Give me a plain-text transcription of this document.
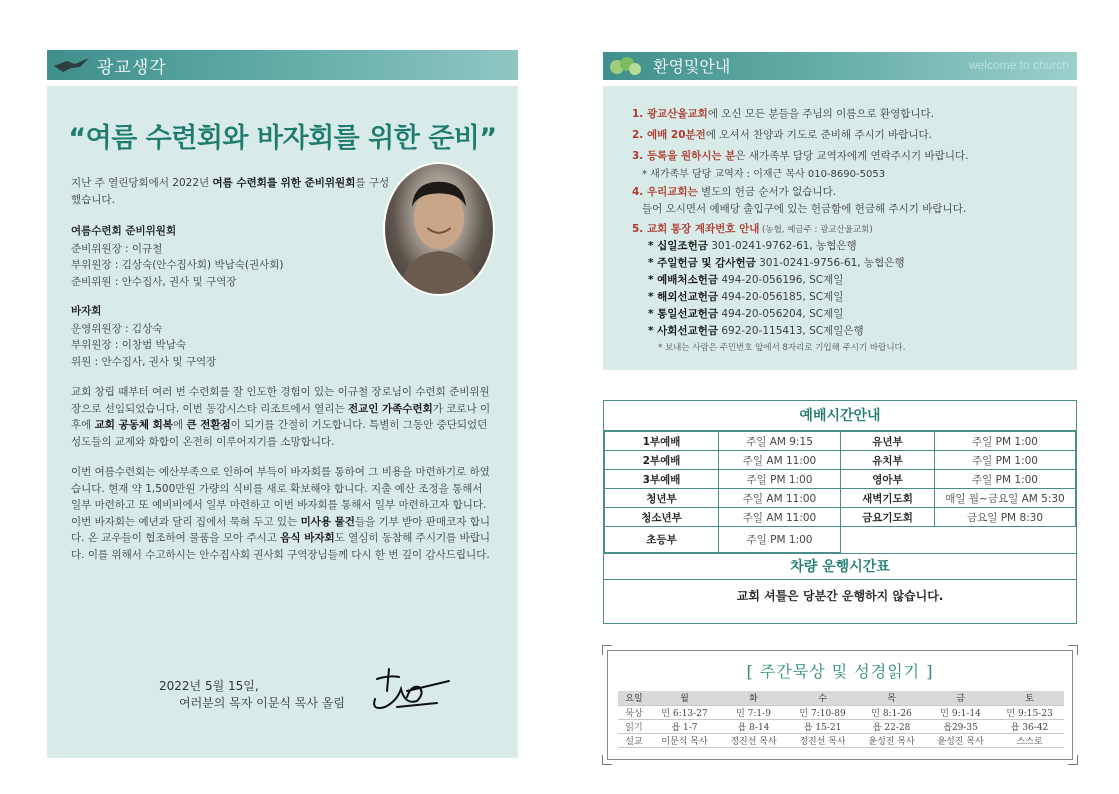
광교생각
“여름 수련회와 바자회를 위한 준비”
지난 주 열린당회에서 2022년 여름 수련회를 위한 준비위원회를 구성했습니다.
여름수련회 준비위원회
준비위원장 : 이규철
부위원장 : 김상숙(안수집사회) 박남숙(권사회)
준비위원 : 안수집사, 권사 및 구역장
바자회
운영위원장 : 김상숙
부위원장 : 이창범 박남숙
위원 : 안수집사, 권사 및 구역장
교회 창립 때부터 여러 번 수련회를 잘 인도한 경험이 있는 이규철 장로님이 수련회 준비위원장으로 선임되었습니다. 이번 동강시스타 리조트에서 열리는 전교인 가족수련회가 코로나 이후에 교회 공동체 회복에 큰 전환점이 되기를 간절히 기도합니다. 특별히 그동안 중단되었던 성도들의 교제와 화합이 온전히 이루어지기를 소망합니다.
이번 여름수련회는 예산부족으로 인하여 부득이 바자회를 통하여 그 비용을 마련하기로 하였습니다. 현재 약 1,500만원 가량의 식비를 새로 확보해야 합니다. 지출 예산 조정을 통해서 일부 마련하고 또 예비비에서 일부 마련하고 이번 바자회를 통해서 일부 마련하고자 합니다. 이번 바자회는 예년과 달리 집에서 묵혀 두고 있는 미사용 물건들을 기부 받아 판매코자 합니다. 온 교우들이 협조하여 물품을 모아 주시고 음식 바자회도 열심히 동참해 주시기를 바랍니다. 이를 위해서 수고하시는 안수집사회 권사회 구역장님들께 다시 한 번 깊이 감사드립니다.
2022년 5월 15일,
여러분의 목자 이문식 목사 올림
환영및안내	welcome to church
1. 광교산울교회에 오신 모든 분들을 주님의 이름으로 환영합니다.
2. 예배 20분전에 오셔서 찬양과 기도로 준비해 주시기 바랍니다.
3. 등록을 원하시는 분은 새가족부 담당 교역자에게 연락주시기 바랍니다.
* 새가족부 담당 교역자 : 이재근 목사 010-8690-5053
4. 우리교회는 별도의 헌금 순서가 없습니다.
들어 오시면서 예배당 출입구에 있는 헌금함에 헌금해 주시기 바랍니다.
5. 교회 통장 계좌번호 안내 (농협, 예금주 : 광교산울교회)
* 십일조헌금 301-0241-9762-61, 농협은행
* 주일헌금 및 감사헌금 301-0241-9756-61, 농협은행
* 예배처소헌금 494-20-056196, SC제일
* 해외선교헌금 494-20-056185, SC제일
* 통일선교헌금 494-20-056204, SC제일
* 사회선교헌금 692-20-115413, SC제일은행
* 보내는 사람은 주민번호 앞에서 8자리로 기입해 주시기 바랍니다.
예배시간안내
1부예배	주일 AM 9:15	유년부	주일 PM 1:00
2부예배	주일 AM 11:00	유치부	주일 PM 1:00
3부예배	주일 PM 1:00	영아부	주일 PM 1:00
청년부	주일 AM 11:00	새벽기도회	매일 월~금요일 AM 5:30
청소년부	주일 AM 11:00	금요기도회	금요일 PM 8:30
초등부	주일 PM 1:00		
차량 운행시간표
교회 셔틀은 당분간 운행하지 않습니다.
[ 주간묵상 및 성경읽기 ]
요일	월	화	수	목	금	토
묵상	민 6:13-27	민 7:1-9	민 7:10-89	민 8:1-26	민 9:1-14	민 9:15-23
읽기	욥 1-7	욥 8-14	욥 15-21	욥 22-28	욥29-35	욥 36-42
설교	이문식 목사	정진선 목사	정진선 목사	윤성진 목사	윤성진 목사	스스로
